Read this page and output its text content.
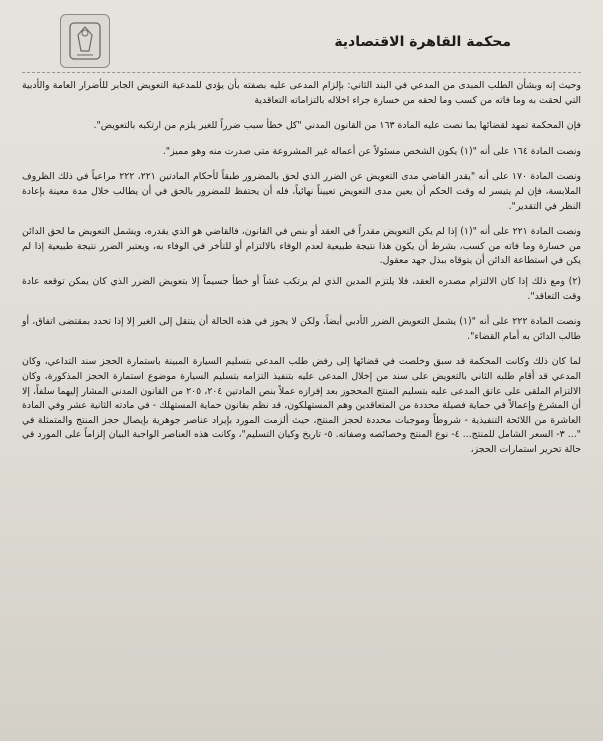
محكمة القاهرة الاقتصادية

وحيث إنه وبشأن الطلب المبدى من المدعي في البند الثاني: بإلزام المدعى عليه بصفته بأن يؤدي للمدعية التعويض الجابر للأضرار العامة والأدبية التي لحقت به وما فاته من كسب وما لحقه من خسارة جراء اخلاله بالتزاماته التعاقدية

فإن المحكمة تمهد لقضائها بما نصت عليه المادة ١٦٣ من القانون المدني "كل خطأ سبب ضرراً للغير يلزم من ارتكبه بالتعويض".

ونصت المادة ١٦٤ على أنه "(١) يكون الشخص مسئولاً عن أعماله غير المشروعة متى صدرت منه وهو مميز".

ونصت المادة ١٧٠ على أنه "يقدر القاضي مدى التعويض عن الضرر الذي لحق بالمضرور طبقاً لأحكام المادتين ٢٢١، ٢٢٢ مراعياً في ذلك الظروف الملابسة، فإن لم يتيسر له وقت الحكم أن يعين مدى التعويض تعييناً نهائياً، فله أن يحتفظ للمضرور بالحق في أن يطالب خلال مدة معينة بإعادة النظر في التقدير".

ونصت المادة ٢٢١ على أنه "(١) إذا لم يكن التعويض مقدراً في العقد أو بنص في القانون، فالقاضي هو الذي يقدره، ويشمل التعويض ما لحق الدائن من خسارة وما فاته من كسب، بشرط أن يكون هذا نتيجة طبيعية لعدم الوفاء بالالتزام أو للتأخر في الوفاء به، ويعتبر الضرر نتيجة طبيعية إذا لم يكن في استطاعة الدائن أن يتوقاه ببذل جهد معقول.

(٢) ومع ذلك إذا كان الالتزام مصدره العقد، فلا يلتزم المدين الذي لم يرتكب غشاً أو خطأ جسيماً إلا بتعويض الضرر الذي كان يمكن توقعه عادة وقت التعاقد".

ونصت المادة ٢٢٢ على أنه "(١) يشمل التعويض الضرر الأدبي أيضاً، ولكن لا يجوز في هذه الحالة أن ينتقل إلى الغير إلا إذا تحدد بمقتضى اتفاق، أو طالب الدائن به أمام القضاء".

لما كان ذلك وكانت المحكمة قد سبق وخلصت في قضائها إلى رفض طلب المدعي بتسليم السيارة المبينة باستمارة الحجز سند التداعي، وكان المدعي قد أقام طلبه الثاني بالتعويض على سند من إخلال المدعى عليه بتنفيذ التزامه بتسليم السيارة موضوع استمارة الحجز المذكورة، وكان الالتزام الملقى على عاتق المدعى عليه بتسليم المنتج المحجوز بعد إفرازه عملاً بنص المادتين ٢٠٤، ٢٠٥ من القانون المدني المشار إليهما سلفاً، إلا أن المشرع وإعمالاً في حماية فصيلة محددة من المتعاقدين وهم المستهلكون، قد نظم بقانون حماية المستهلك - في مادته الثانية عشر وفي المادة العاشرة من اللائحة التنفيذية - شروطاً وموجبات محددة لحجز المنتج، حيث ألزمت المورد بإيراد عناصر جوهرية بإيصال حجز المنتج والمتمثلة في "... ٣- السعر الشامل للمنتج... ٤- نوع المنتج وخصائصه وصفاته. ٥- تاريخ وكيان التسليم"، وكانت هذه العناصر الواجبة البيان إلزاماً على المورد في حالة تحرير استمارات الحجز،
